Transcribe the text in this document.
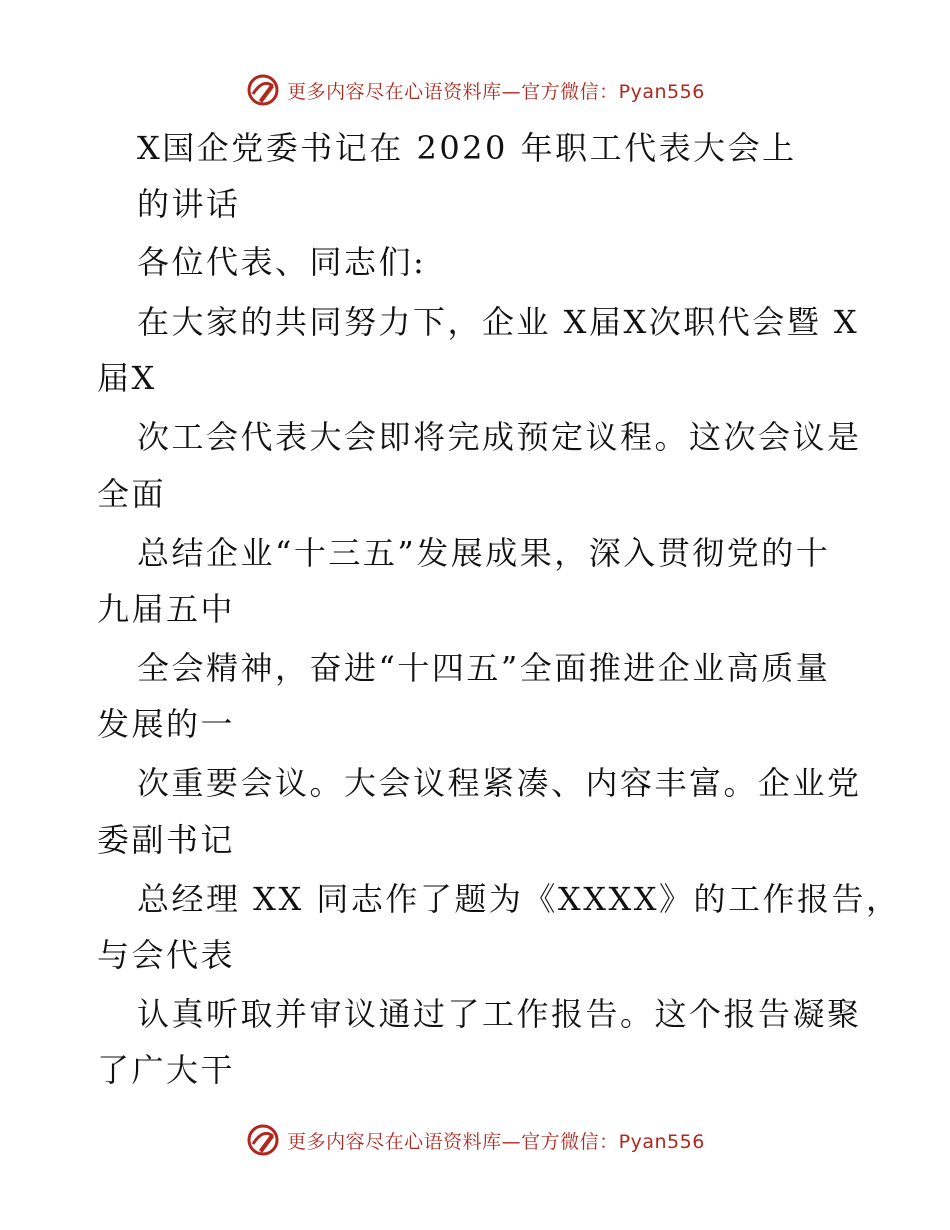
更多内容尽在心语资料库—官方微信：Pyan556
X国企党委书记在 2020 年职工代表大会上
的讲话
各位代表、同志们:
在大家的共同努力下，企业 X届X次职代会暨 X
届X
次工会代表大会即将完成预定议程。这次会议是
全面
总结企业“十三五”发展成果，深入贯彻党的十
九届五中
全会精神，奋进“十四五”全面推进企业高质量
发展的一
次重要会议。大会议程紧凑、内容丰富。企业党
委副书记
总经理 XX 同志作了题为《XXXX》的工作报告，
与会代表
认真听取并审议通过了工作报告。这个报告凝聚
了广大干
更多内容尽在心语资料库—官方微信：Pyan556
